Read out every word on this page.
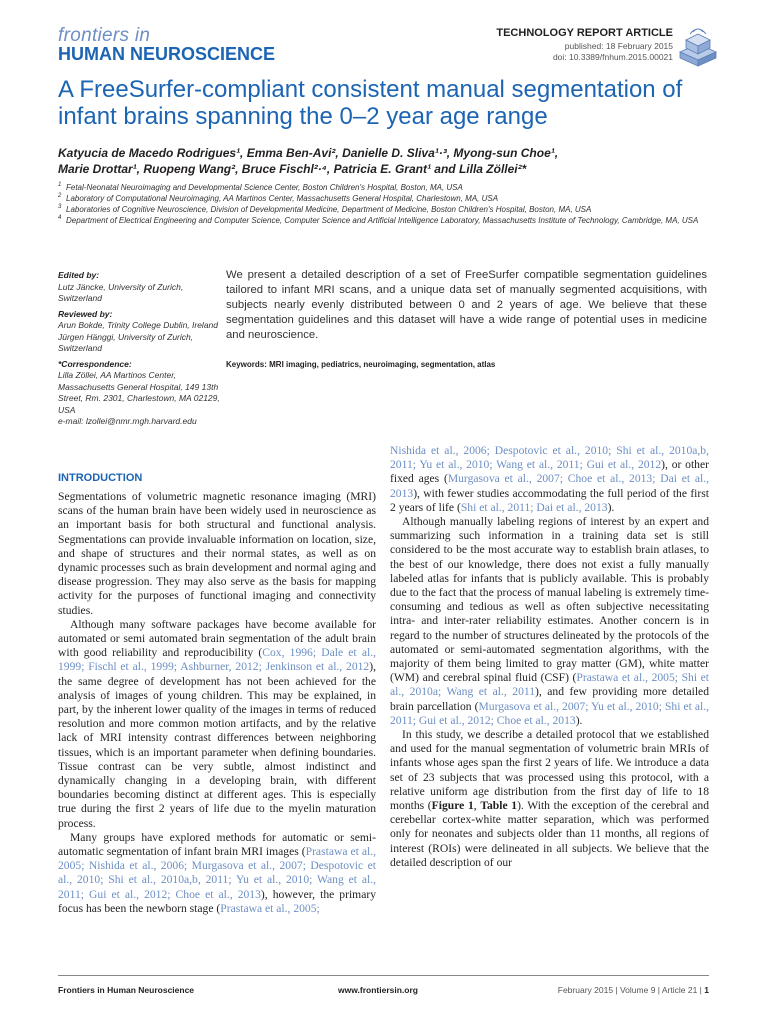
frontiers in
HUMAN NEUROSCIENCE
TECHNOLOGY REPORT ARTICLE
published: 18 February 2015
doi: 10.3389/fnhum.2015.00021
A FreeSurfer-compliant consistent manual segmentation of infant brains spanning the 0–2 year age range
Katyucia de Macedo Rodrigues¹, Emma Ben-Avi², Danielle D. Sliva¹·³, Myong-sun Choe¹,
Marie Drottar¹, Ruopeng Wang², Bruce Fischl²·⁴, Patricia E. Grant¹ and Lilla Zöllei²*
1 Fetal-Neonatal Neuroimaging and Developmental Science Center, Boston Children's Hospital, Boston, MA, USA
2 Laboratory of Computational Neuroimaging, AA Martinos Center, Massachusetts General Hospital, Charlestown, MA, USA
3 Laboratories of Cognitive Neuroscience, Division of Developmental Medicine, Department of Medicine, Boston Children's Hospital, Boston, MA, USA
4 Department of Electrical Engineering and Computer Science, Computer Science and Artificial Intelligence Laboratory, Massachusetts Institute of Technology, Cambridge, MA, USA
Edited by:
Lutz Jäncke, University of Zurich, Switzerland
Reviewed by:
Arun Bokde, Trinity College Dublin, Ireland
Jürgen Hänggi, University of Zurich, Switzerland
*Correspondence:
Lilla Zöllei, AA Martinos Center, Massachusetts General Hospital, 149 13th Street, Rm. 2301, Charlestown, MA 02129, USA
e-mail: lzollei@nmr.mgh.harvard.edu
We present a detailed description of a set of FreeSurfer compatible segmentation guidelines tailored to infant MRI scans, and a unique data set of manually segmented acquisitions, with subjects nearly evenly distributed between 0 and 2 years of age. We believe that these segmentation guidelines and this dataset will have a wide range of potential uses in medicine and neuroscience.
Keywords: MRI imaging, pediatrics, neuroimaging, segmentation, atlas
INTRODUCTION

Segmentations of volumetric magnetic resonance imaging (MRI) scans of the human brain have been widely used in neuroscience as an important basis for both structural and functional analysis. Segmentations can provide invaluable information on location, size, and shape of structures and their normal states, as well as on dynamic processes such as brain development and normal aging and disease progression. They may also serve as the basis for mapping activity for the purposes of functional imaging and connectivity studies.

Although many software packages have become available for automated or semi automated brain segmentation of the adult brain with good reliability and reproducibility (Cox, 1996; Dale et al., 1999; Fischl et al., 1999; Ashburner, 2012; Jenkinson et al., 2012), the same degree of development has not been achieved for the analysis of images of young children. This may be explained, in part, by the inherent lower quality of the images in terms of reduced resolution and more common motion artifacts, and by the relative lack of MRI intensity contrast differences between neighboring tissues, which is an important parameter when defining boundaries. Tissue contrast can be very subtle, almost indistinct and dynamically changing in a developing brain, with different boundaries becoming distinct at different ages. This is especially true during the first 2 years of life due to the myelin maturation process.

Many groups have explored methods for automatic or semi-automatic segmentation of infant brain MRI images (Prastawa et al., 2005; Nishida et al., 2006; Murgasova et al., 2007; Despotovic et al., 2010; Shi et al., 2010a,b, 2011; Yu et al., 2010; Wang et al., 2011; Gui et al., 2012; Choe et al., 2013), however, the primary focus has been the newborn stage (Prastawa et al., 2005;

Nishida et al., 2006; Despotovic et al., 2010; Shi et al., 2010a,b, 2011; Yu et al., 2010; Wang et al., 2011; Gui et al., 2012), or other fixed ages (Murgasova et al., 2007; Choe et al., 2013; Dai et al., 2013), with fewer studies accommodating the full period of the first 2 years of life (Shi et al., 2011; Dai et al., 2013).

Although manually labeling regions of interest by an expert and summarizing such information in a training data set is still considered to be the most accurate way to establish brain atlases, to the best of our knowledge, there does not exist a fully manually labeled atlas for infants that is publicly available. This is probably due to the fact that the process of manual labeling is extremely time-consuming and tedious as well as often subjective necessitating intra- and inter-rater reliability estimates. Another concern is in regard to the number of structures delineated by the protocols of the automated or semi-automated segmentation algorithms, with the majority of them being limited to gray matter (GM), white matter (WM) and cerebral spinal fluid (CSF) (Prastawa et al., 2005; Shi et al., 2010a; Wang et al., 2011), and few providing more detailed brain parcellation (Murgasova et al., 2007; Yu et al., 2010; Shi et al., 2011; Gui et al., 2012; Choe et al., 2013).

In this study, we describe a detailed protocol that we established and used for the manual segmentation of volumetric brain MRIs of infants whose ages span the first 2 years of life. We introduce a data set of 23 subjects that was processed using this protocol, with a relative uniform age distribution from the first day of life to 18 months (Figure 1, Table 1). With the exception of the cerebral and cerebellar cortex-white matter separation, which was performed only for neonates and subjects older than 11 months, all regions of interest (ROIs) were delineated in all subjects. We believe that the detailed description of our

Frontiers in Human Neuroscience	www.frontiersin.org	February 2015 | Volume 9 | Article 21 | 1
